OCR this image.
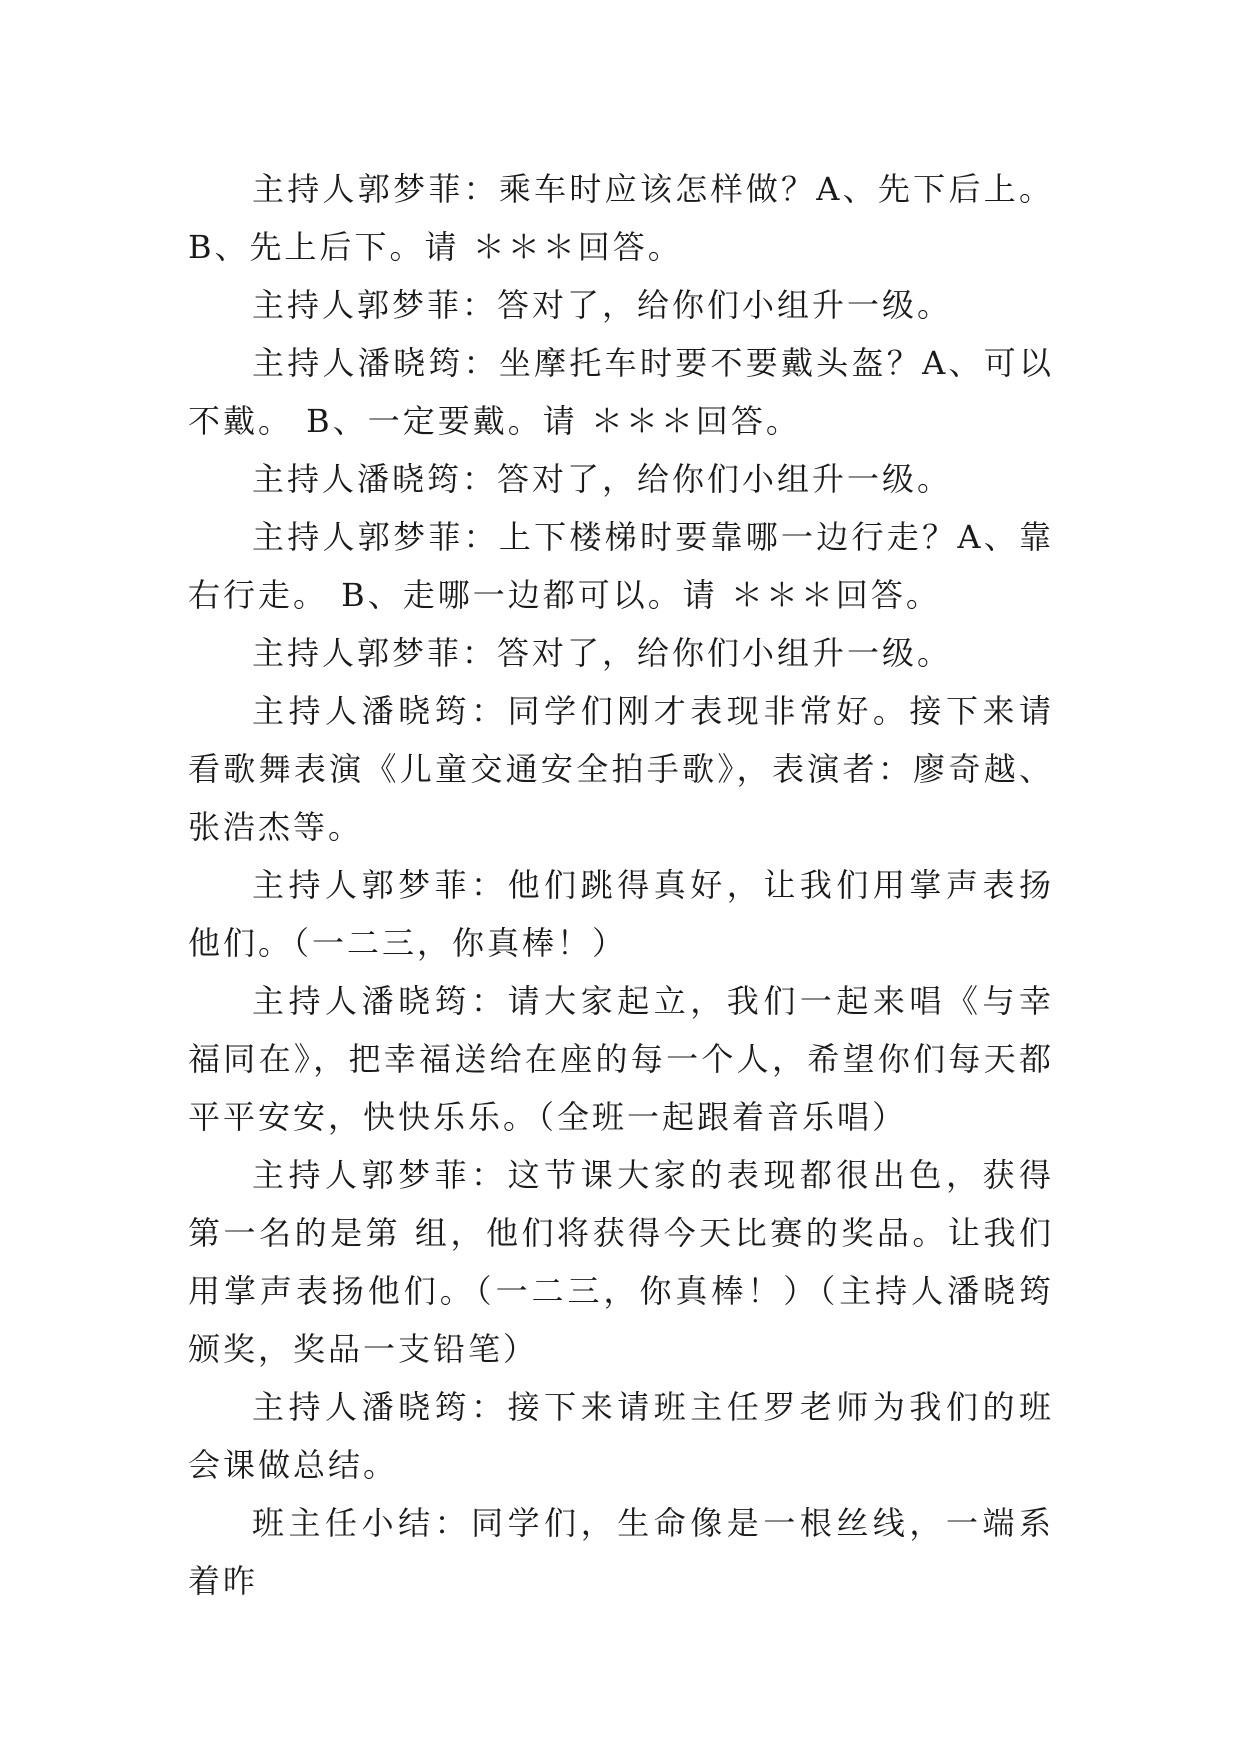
主持人郭梦菲：乘车时应该怎样做？A、先下后上。 B、先上后下。请 ＊＊＊回答。

主持人郭梦菲：答对了，给你们小组升一级。

主持人潘晓筠：坐摩托车时要不要戴头盔？A、可以不戴。 B、一定要戴。请 ＊＊＊回答。

主持人潘晓筠：答对了，给你们小组升一级。

主持人郭梦菲：上下楼梯时要靠哪一边行走？A、靠右行走。 B、走哪一边都可以。请 ＊＊＊回答。

主持人郭梦菲：答对了，给你们小组升一级。

主持人潘晓筠：同学们刚才表现非常好。接下来请看歌舞表演《儿童交通安全拍手歌》，表演者：廖奇越、张浩杰等。

主持人郭梦菲：他们跳得真好，让我们用掌声表扬他们。（一二三，你真棒！）

主持人潘晓筠：请大家起立，我们一起来唱《与幸福同在》，把幸福送给在座的每一个人，希望你们每天都平平安安，快快乐乐。（全班一起跟着音乐唱）

主持人郭梦菲：这节课大家的表现都很出色，获得第一名的是第 组，他们将获得今天比赛的奖品。让我们用掌声表扬他们。（一二三，你真棒！）（主持人潘晓筠颁奖，奖品一支铅笔）

主持人潘晓筠：接下来请班主任罗老师为我们的班会课做总结。

班主任小结：同学们，生命像是一根丝线，一端系着昨
